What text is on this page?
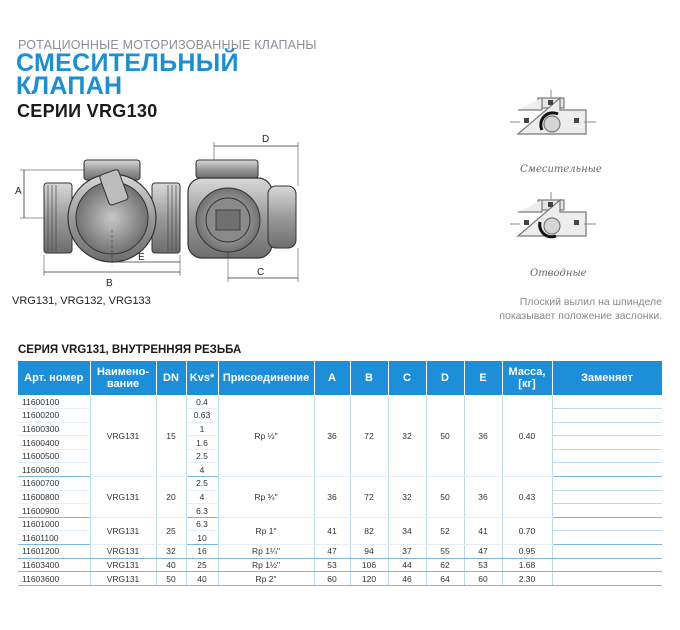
РОТАЦИОННЫЕ МОТОРИЗОВАННЫЕ КЛАПАНЫ
СМЕСИТЕЛЬНЫЙ
КЛАПАН
СЕРИИ VRG130
A
B
E
D
C
VRG131, VRG132, VRG133
Смесительные
Отводные
Плоский вылил на шпинделе
показывает положение заслонки.
СЕРИЯ VRG131, ВНУТРЕННЯЯ РЕЗЬБА
Арт. номер	Наимено-вание	DN	Kvs*	Присоединение	A	B	C	D	E	Масса, [кг]	Заменяет
11600100	VRG131	15	0.4	Rp ½"	36	72	32	50	36	0.40	
11600200			0.63								
11600300			1								
11600400			1.6								
11600500			2.5								
11600600			4								
11600700	VRG131	20	2.5	Rp ¾"	36	72	32	50	36	0.43	
11600800			4								
11600900			6.3								
11601000	VRG131	25	6.3	Rp 1"	41	82	34	52	41	0.70	
11601100			10								
11601200	VRG131	32	16	Rp 1¼"	47	94	37	55	47	0.95	
11603400	VRG131	40	25	Rp 1½"	53	106	44	62	53	1.68	
11603600	VRG131	50	40	Rp 2"	60	120	46	64	60	2.30	
